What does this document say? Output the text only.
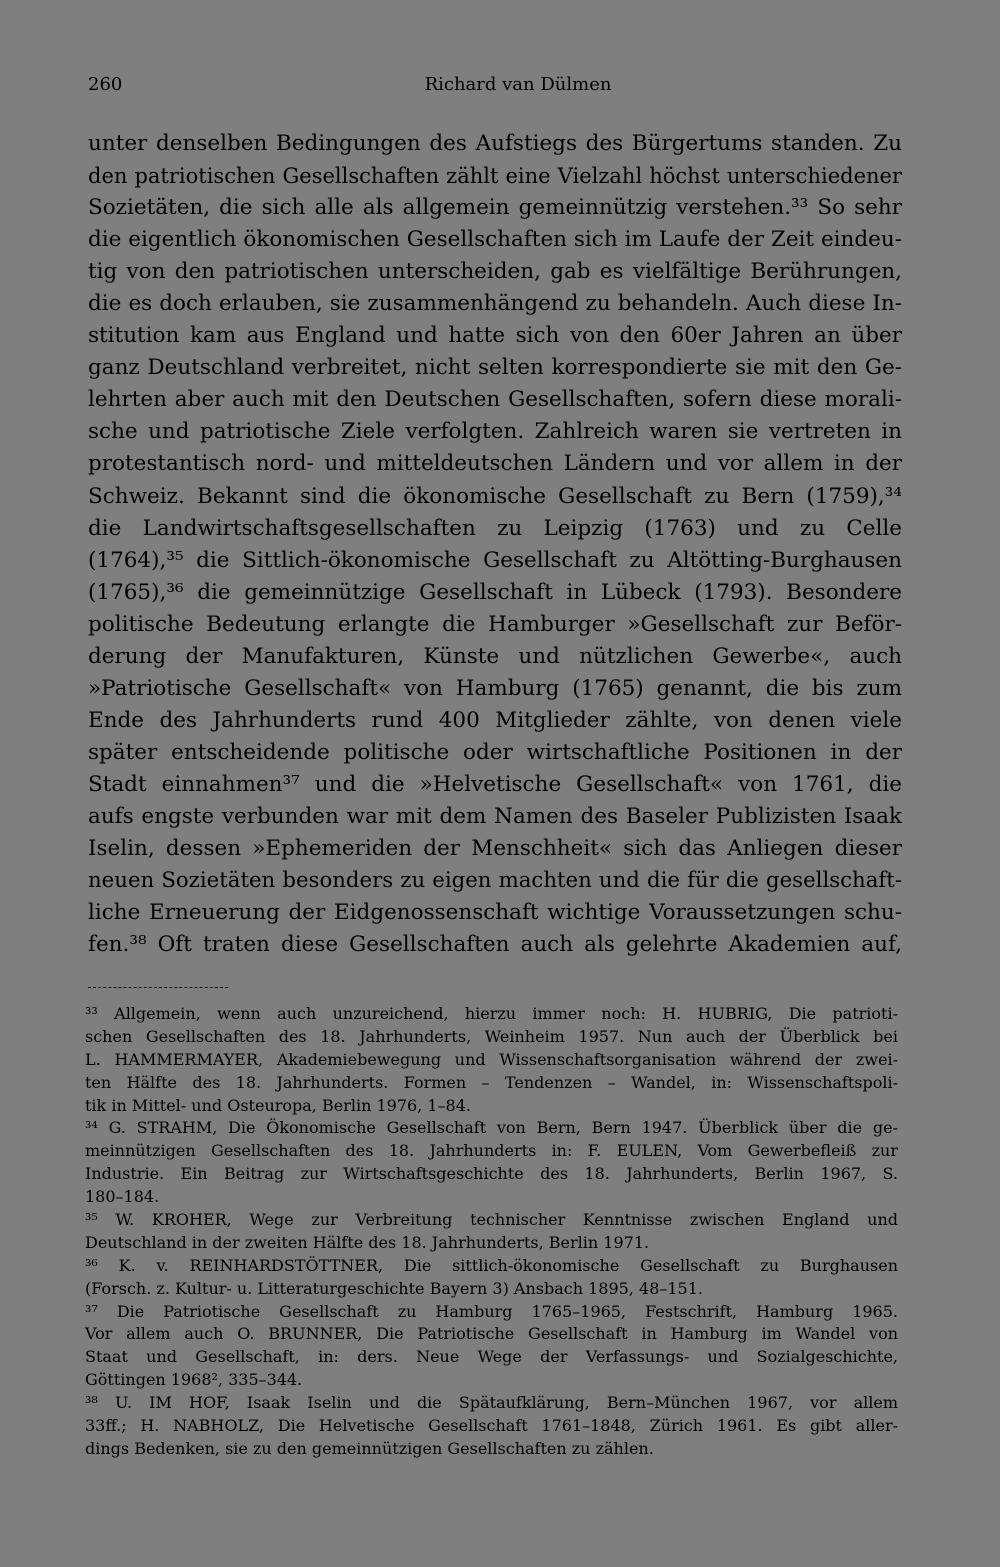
260	Richard van Dülmen
unter denselben Bedingungen des Aufstiegs des Bürgertums standen. Zu
den patriotischen Gesellschaften zählt eine Vielzahl höchst unterschiedener
Sozietäten, die sich alle als allgemein gemeinnützig verstehen.³³ So sehr
die eigentlich ökonomischen Gesellschaften sich im Laufe der Zeit eindeu-
tig von den patriotischen unterscheiden, gab es vielfältige Berührungen,
die es doch erlauben, sie zusammenhängend zu behandeln. Auch diese In-
stitution kam aus England und hatte sich von den 60er Jahren an über
ganz Deutschland verbreitet, nicht selten korrespondierte sie mit den Ge-
lehrten aber auch mit den Deutschen Gesellschaften, sofern diese morali-
sche und patriotische Ziele verfolgten. Zahlreich waren sie vertreten in
protestantisch nord- und mitteldeutschen Ländern und vor allem in der
Schweiz. Bekannt sind die ökonomische Gesellschaft zu Bern (1759),³⁴
die Landwirtschaftsgesellschaften zu Leipzig (1763) und zu Celle
(1764),³⁵ die Sittlich-ökonomische Gesellschaft zu Altötting-Burghausen
(1765),³⁶ die gemeinnützige Gesellschaft in Lübeck (1793). Besondere
politische Bedeutung erlangte die Hamburger »Gesellschaft zur Beför-
derung der Manufakturen, Künste und nützlichen Gewerbe«, auch
»Patriotische Gesellschaft« von Hamburg (1765) genannt, die bis zum
Ende des Jahrhunderts rund 400 Mitglieder zählte, von denen viele
später entscheidende politische oder wirtschaftliche Positionen in der
Stadt einnahmen³⁷ und die »Helvetische Gesellschaft« von 1761, die
aufs engste verbunden war mit dem Namen des Baseler Publizisten Isaak
Iselin, dessen »Ephemeriden der Menschheit« sich das Anliegen dieser
neuen Sozietäten besonders zu eigen machten und die für die gesellschaft-
liche Erneuerung der Eidgenossenschaft wichtige Voraussetzungen schu-
fen.³⁸ Oft traten diese Gesellschaften auch als gelehrte Akademien auf,
³³ Allgemein, wenn auch unzureichend, hierzu immer noch: H. HUBRIG, Die patrioti-
schen Gesellschaften des 18. Jahrhunderts, Weinheim 1957. Nun auch der Überblick bei
L. HAMMERMAYER, Akademiebewegung und Wissenschaftsorganisation während der zwei-
ten Hälfte des 18. Jahrhunderts. Formen – Tendenzen – Wandel, in: Wissenschaftspoli-
tik in Mittel- und Osteuropa, Berlin 1976, 1–84.
³⁴ G. STRAHM, Die Ökonomische Gesellschaft von Bern, Bern 1947. Überblick über die ge-
meinnützigen Gesellschaften des 18. Jahrhunderts in: F. EULEN, Vom Gewerbefleiß zur
Industrie. Ein Beitrag zur Wirtschaftsgeschichte des 18. Jahrhunderts, Berlin 1967, S.
180–184.
³⁵ W. KROHER, Wege zur Verbreitung technischer Kenntnisse zwischen England und
Deutschland in der zweiten Hälfte des 18. Jahrhunderts, Berlin 1971.
³⁶ K. v. REINHARDSTÖTTNER, Die sittlich-ökonomische Gesellschaft zu Burghausen
(Forsch. z. Kultur- u. Litteraturgeschichte Bayern 3) Ansbach 1895, 48–151.
³⁷ Die Patriotische Gesellschaft zu Hamburg 1765–1965, Festschrift, Hamburg 1965.
Vor allem auch O. BRUNNER, Die Patriotische Gesellschaft in Hamburg im Wandel von
Staat und Gesellschaft, in: ders. Neue Wege der Verfassungs- und Sozialgeschichte,
Göttingen 1968², 335–344.
³⁸ U. IM HOF, Isaak Iselin und die Spätaufklärung, Bern–München 1967, vor allem
33ff.; H. NABHOLZ, Die Helvetische Gesellschaft 1761–1848, Zürich 1961. Es gibt aller-
dings Bedenken, sie zu den gemeinnützigen Gesellschaften zu zählen.
